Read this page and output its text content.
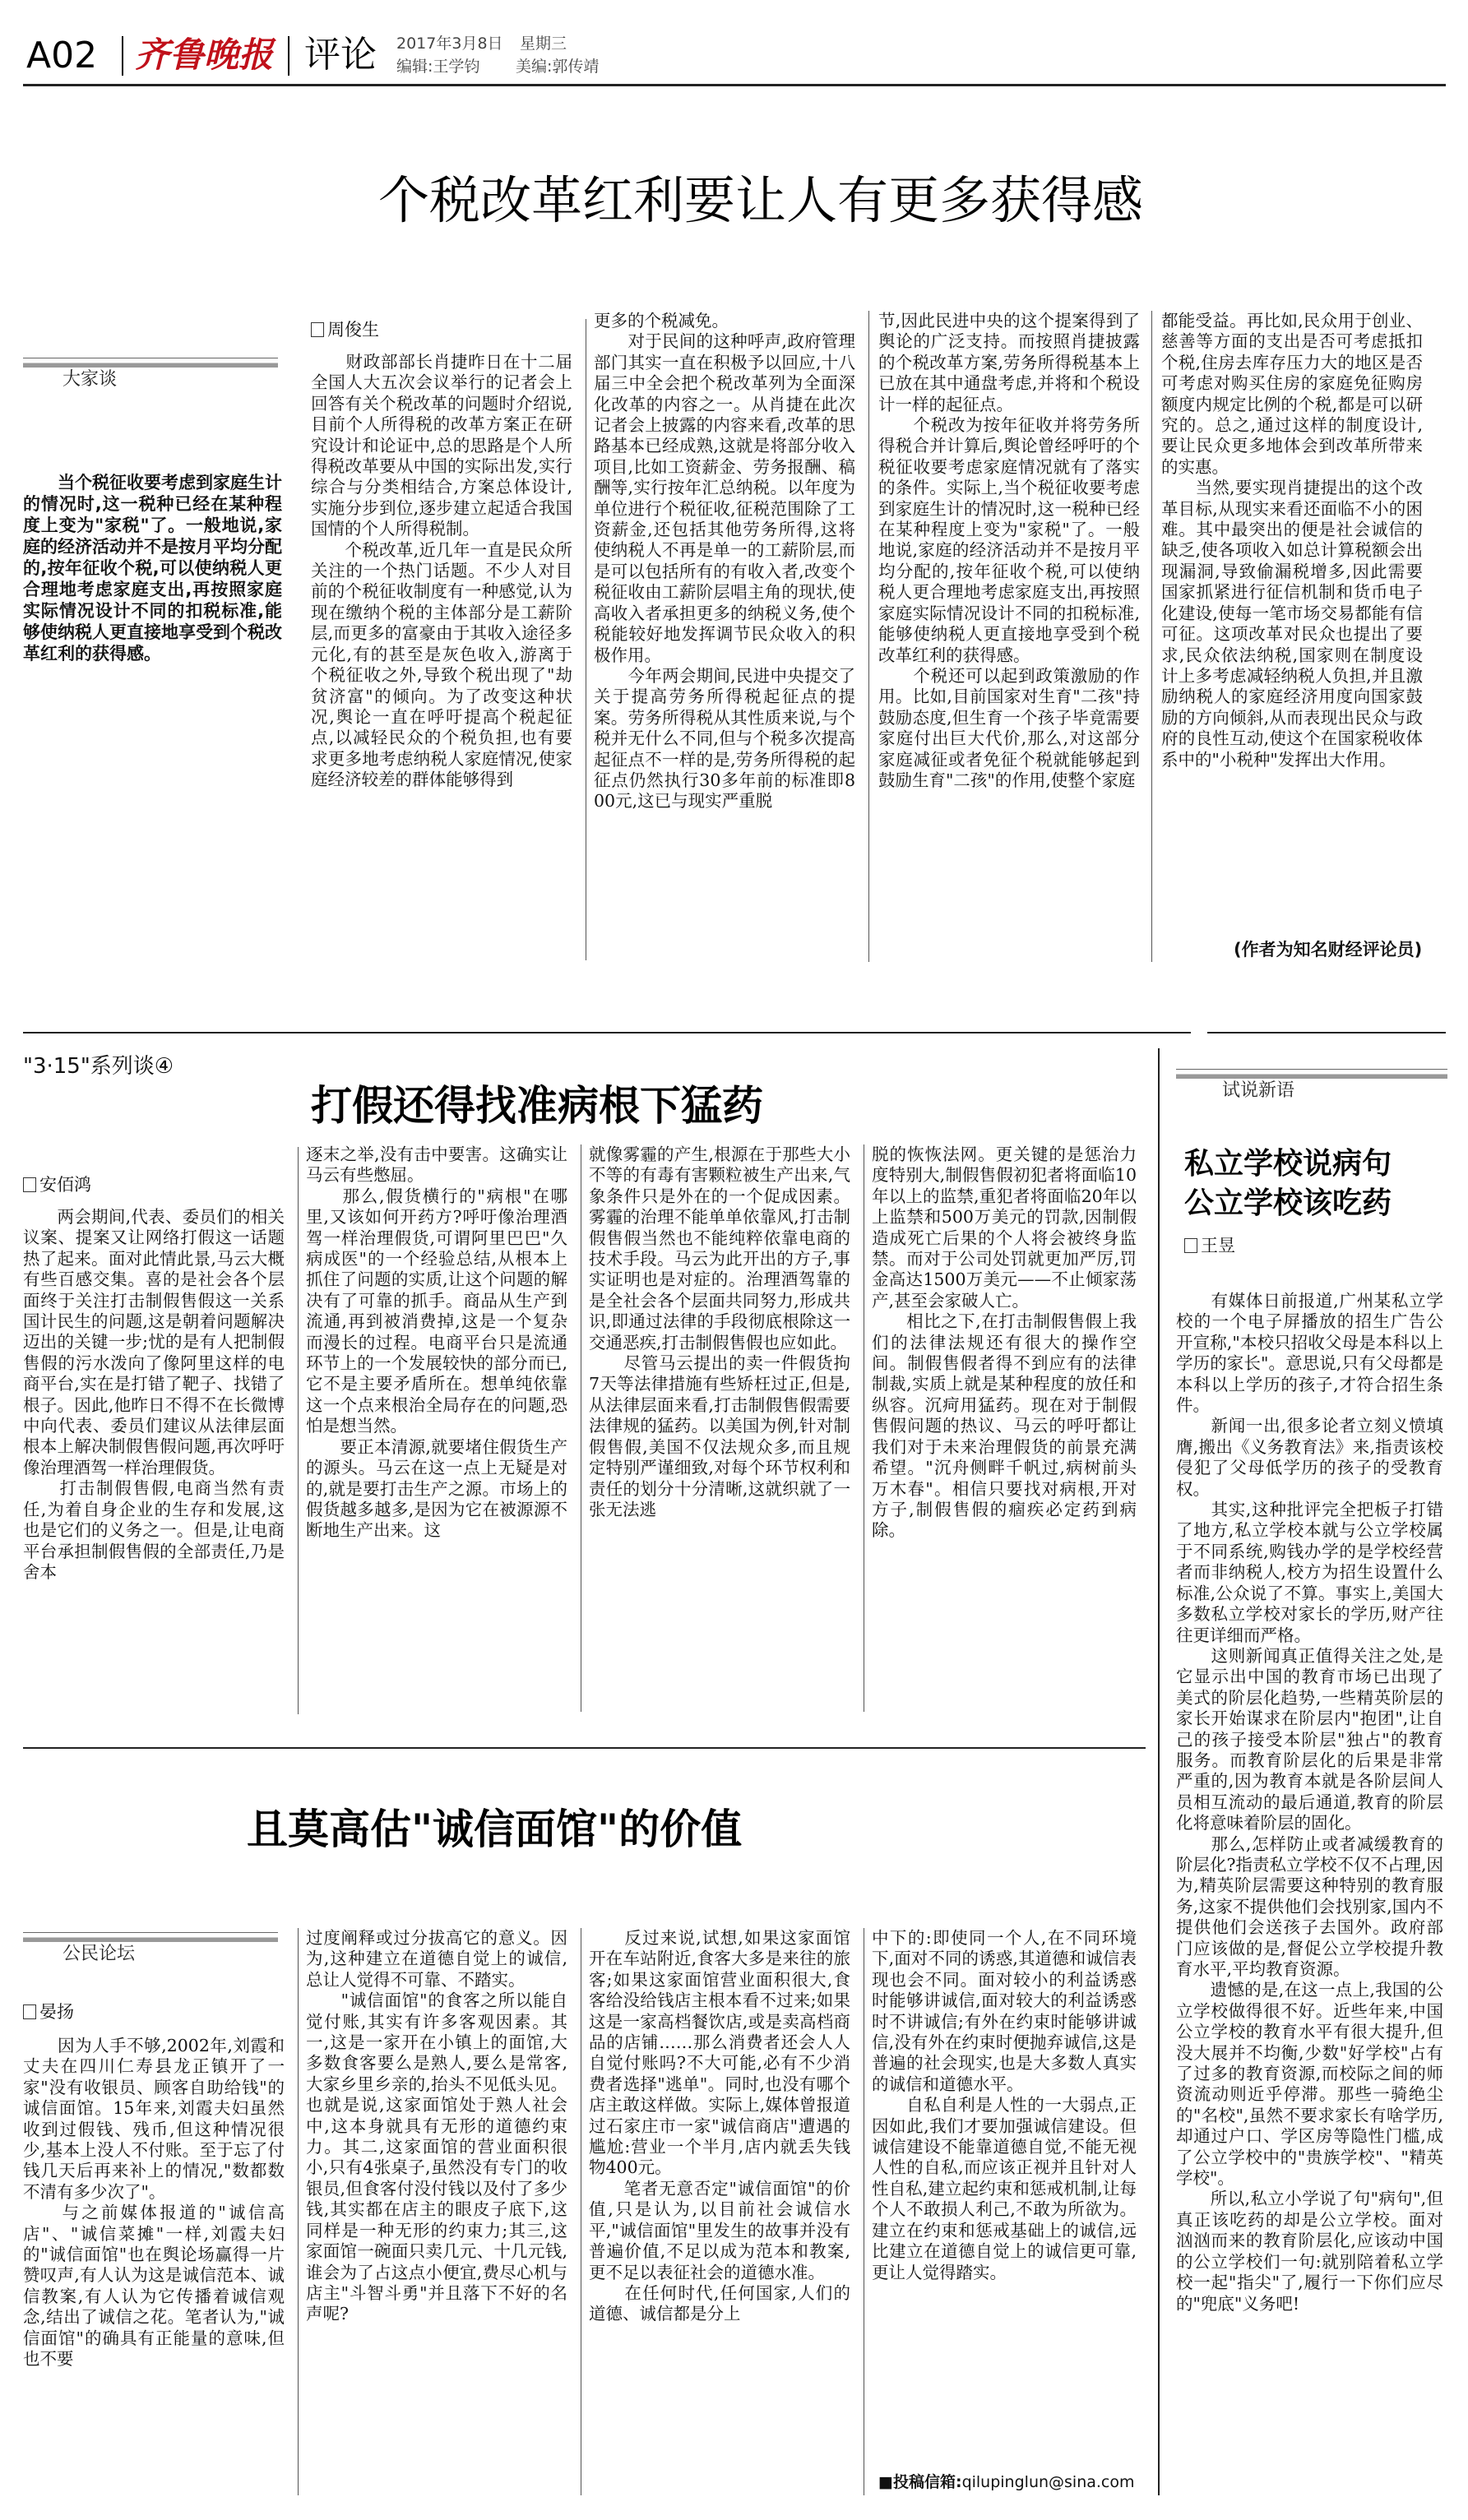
A02 齐鲁晚报 评论 2017年3月8日 星期三
编辑:王学钧 美编:郭传靖
个税改革红利要让人有更多获得感
大家谈
　　当个税征收要考虑到家庭生计的情况时,这一税种已经在某种程度上变为"家税"了。一般地说,家庭的经济活动并不是按月平均分配的,按年征收个税,可以使纳税人更合理地考虑家庭支出,再按照家庭实际情况设计不同的扣税标准,能够使纳税人更直接地享受到个税改革红利的获得感。
周俊生
　　财政部部长肖捷昨日在十二届全国人大五次会议举行的记者会上回答有关个税改革的问题时介绍说,目前个人所得税的改革方案正在研究设计和论证中,总的思路是个人所得税改革要从中国的实际出发,实行综合与分类相结合,方案总体设计,实施分步到位,逐步建立起适合我国国情的个人所得税制。
　　个税改革,近几年一直是民众所关注的一个热门话题。不少人对目前的个税征收制度有一种感觉,认为现在缴纳个税的主体部分是工薪阶层,而更多的富豪由于其收入途径多元化,有的甚至是灰色收入,游离于个税征收之外,导致个税出现了"劫贫济富"的倾向。为了改变这种状况,舆论一直在呼吁提高个税起征点,以减轻民众的个税负担,也有要求更多地考虑纳税人家庭情况,使家庭经济较差的群体能够得到
更多的个税减免。
　　对于民间的这种呼声,政府管理部门其实一直在积极予以回应,十八届三中全会把个税改革列为全面深化改革的内容之一。从肖捷在此次记者会上披露的内容来看,改革的思路基本已经成熟,这就是将部分收入项目,比如工资薪金、劳务报酬、稿酬等,实行按年汇总纳税。以年度为单位进行个税征收,征税范围除了工资薪金,还包括其他劳务所得,这将使纳税人不再是单一的工薪阶层,而是可以包括所有的有收入者,改变个税征收由工薪阶层唱主角的现状,使高收入者承担更多的纳税义务,使个税能较好地发挥调节民众收入的积极作用。
　　今年两会期间,民进中央提交了关于提高劳务所得税起征点的提案。劳务所得税从其性质来说,与个税并无什么不同,但与个税多次提高起征点不一样的是,劳务所得税的起征点仍然执行30多年前的标准即800元,这已与现实严重脱
节,因此民进中央的这个提案得到了舆论的广泛支持。而按照肖捷披露的个税改革方案,劳务所得税基本上已放在其中通盘考虑,并将和个税设计一样的起征点。
　　个税改为按年征收并将劳务所得税合并计算后,舆论曾经呼吁的个税征收要考虑家庭情况就有了落实的条件。实际上,当个税征收要考虑到家庭生计的情况时,这一税种已经在某种程度上变为"家税"了。一般地说,家庭的经济活动并不是按月平均分配的,按年征收个税,可以使纳税人更合理地考虑家庭支出,再按照家庭实际情况设计不同的扣税标准,能够使纳税人更直接地享受到个税改革红利的获得感。
　　个税还可以起到政策激励的作用。比如,目前国家对生育"二孩"持鼓励态度,但生育一个孩子毕竟需要家庭付出巨大代价,那么,对这部分家庭减征或者免征个税就能够起到鼓励生育"二孩"的作用,使整个家庭
都能受益。再比如,民众用于创业、慈善等方面的支出是否可考虑抵扣个税,住房去库存压力大的地区是否可考虑对购买住房的家庭免征购房额度内规定比例的个税,都是可以研究的。总之,通过这样的制度设计,要让民众更多地体会到改革所带来的实惠。
　　当然,要实现肖捷提出的这个改革目标,从现实来看还面临不小的困难。其中最突出的便是社会诚信的缺乏,使各项收入如总计算税额会出现漏洞,导致偷漏税增多,因此需要国家抓紧进行征信机制和货币电子化建设,使每一笔市场交易都能有信可征。这项改革对民众也提出了要求,民众依法纳税,国家则在制度设计上多考虑减轻纳税人负担,并且激励纳税人的家庭经济用度向国家鼓励的方向倾斜,从而表现出民众与政府的良性互动,使这个在国家税收体系中的"小税种"发挥出大作用。
(作者为知名财经评论员)
"3·15"系列谈④
打假还得找准病根下猛药
安佰鸿
　　两会期间,代表、委员们的相关议案、提案又让网络打假这一话题热了起来。面对此情此景,马云大概有些百感交集。喜的是社会各个层面终于关注打击制假售假这一关系国计民生的问题,这是朝着问题解决迈出的关键一步;忧的是有人把制假售假的污水泼向了像阿里这样的电商平台,实在是打错了靶子、找错了根子。因此,他昨日不得不在长微博中向代表、委员们建议从法律层面根本上解决制假售假问题,再次呼吁像治理酒驾一样治理假货。
　　打击制假售假,电商当然有责任,为着自身企业的生存和发展,这也是它们的义务之一。但是,让电商平台承担制假售假的全部责任,乃是舍本
逐末之举,没有击中要害。这确实让马云有些憋屈。
　　那么,假货横行的"病根"在哪里,又该如何开药方?呼吁像治理酒驾一样治理假货,可谓阿里巴巴"久病成医"的一个经验总结,从根本上抓住了问题的实质,让这个问题的解决有了可靠的抓手。商品从生产到流通,再到被消费掉,这是一个复杂而漫长的过程。电商平台只是流通环节上的一个发展较快的部分而已,它不是主要矛盾所在。想单纯依靠这一个点来根治全局存在的问题,恐怕是想当然。
　　要正本清源,就要堵住假货生产的源头。马云在这一点上无疑是对的,就是要打击生产之源。市场上的假货越多越多,是因为它在被源源不断地生产出来。这
就像雾霾的产生,根源在于那些大小不等的有毒有害颗粒被生产出来,气象条件只是外在的一个促成因素。雾霾的治理不能单单依靠风,打击制假售假当然也不能纯粹依靠电商的技术手段。马云为此开出的方子,事实证明也是对症的。治理酒驾靠的是全社会各个层面共同努力,形成共识,即通过法律的手段彻底根除这一交通恶疾,打击制假售假也应如此。
　　尽管马云提出的卖一件假货拘7天等法律措施有些矫枉过正,但是,从法律层面来看,打击制假售假需要法律规的猛药。以美国为例,针对制假售假,美国不仅法规众多,而且规定特别严谨细致,对每个环节权利和责任的划分十分清晰,这就织就了一张无法逃
脱的恢恢法网。更关键的是惩治力度特别大,制假售假初犯者将面临10年以上的监禁,重犯者将面临20年以上监禁和500万美元的罚款,因制假造成死亡后果的个人将会被终身监禁。而对于公司处罚就更加严厉,罚金高达1500万美元——不止倾家荡产,甚至会家破人亡。
　　相比之下,在打击制假售假上我们的法律法规还有很大的操作空间。制假售假者得不到应有的法律制裁,实质上就是某种程度的放任和纵容。沉疴用猛药。现在对于制假售假问题的热议、马云的呼吁都让我们对于未来治理假货的前景充满希望。"沉舟侧畔千帆过,病树前头万木春"。相信只要找对病根,开对方子,制假售假的痼疾必定药到病除。
试说新语
私立学校说病句 公立学校该吃药
王昱
　　有媒体日前报道,广州某私立学校的一个电子屏播放的招生广告公开宣称,"本校只招收父母是本科以上学历的家长"。意思说,只有父母都是本科以上学历的孩子,才符合招生条件。
　　新闻一出,很多论者立刻义愤填膺,搬出《义务教育法》来,指责该校侵犯了父母低学历的孩子的受教育权。
　　其实,这种批评完全把板子打错了地方,私立学校本就与公立学校属于不同系统,购钱办学的是学校经营者而非纳税人,校方为招生设置什么标准,公众说了不算。事实上,美国大多数私立学校对家长的学历,财产往往更详细而严格。
　　这则新闻真正值得关注之处,是它显示出中国的教育市场已出现了美式的阶层化趋势,一些精英阶层的家长开始谋求在阶层内"抱团",让自己的孩子接受本阶层"独占"的教育服务。而教育阶层化的后果是非常严重的,因为教育本就是各阶层间人员相互流动的最后通道,教育的阶层化将意味着阶层的固化。
　　那么,怎样防止或者减缓教育的阶层化?指责私立学校不仅不占理,因为,精英阶层需要这种特别的教育服务,这家不提供他们会找别家,国内不提供他们会送孩子去国外。政府部门应该做的是,督促公立学校提升教育水平,平均教育资源。
　　遗憾的是,在这一点上,我国的公立学校做得很不好。近些年来,中国公立学校的教育水平有很大提升,但没大展并不均衡,少数"好学校"占有了过多的教育资源,而校际之间的师资流动则近乎停滞。那些一骑绝尘的"名校",虽然不要求家长有啥学历,却通过户口、学区房等隐性门槛,成了公立学校中的"贵族学校"、"精英学校"。
　　所以,私立小学说了句"病句",但真正该吃药的却是公立学校。面对汹汹而来的教育阶层化,应该动中国的公立学校们一句:就别陪着私立学校一起"指尖"了,履行一下你们应尽的"兜底"义务吧!
且莫高估"诚信面馆"的价值
公民论坛
晏扬
　　因为人手不够,2002年,刘霞和丈夫在四川仁寿县龙正镇开了一家"没有收银员、顾客自助给钱"的诚信面馆。15年来,刘霞夫妇虽然收到过假钱、残币,但这种情况很少,基本上没人不付账。至于忘了付钱几天后再来补上的情况,"数都数不清有多少次了"。
　　与之前媒体报道的"诚信高店"、"诚信菜摊"一样,刘霞夫妇的"诚信面馆"也在舆论场赢得一片赞叹声,有人认为这是诚信范本、诚信教案,有人认为它传播着诚信观念,结出了诚信之花。笔者认为,"诚信面馆"的确具有正能量的意味,但也不要
过度阐释或过分拔高它的意义。因为,这种建立在道德自觉上的诚信,总让人觉得不可靠、不踏实。
　　"诚信面馆"的食客之所以能自觉付账,其实有许多客观因素。其一,这是一家开在小镇上的面馆,大多数食客要么是熟人,要么是常客,大家乡里乡亲的,抬头不见低头见。也就是说,这家面馆处于熟人社会中,这本身就具有无形的道德约束力。其二,这家面馆的营业面积很小,只有4张桌子,虽然没有专门的收银员,但食客付没付钱以及付了多少钱,其实都在店主的眼皮子底下,这同样是一种无形的约束力;其三,这家面馆一碗面只卖几元、十几元钱,谁会为了占这点小便宜,费尽心机与店主"斗智斗勇"并且落下不好的名声呢?
　　反过来说,试想,如果这家面馆开在车站附近,食客大多是来往的旅客;如果这家面馆营业面积很大,食客给没给钱店主根本看不过来;如果这是一家高档餐饮店,或是卖高档商品的店铺……那么消费者还会人人自觉付账吗?不大可能,必有不少消费者选择"逃单"。同时,也没有哪个店主敢这样做。实际上,媒体曾报道过石家庄市一家"诚信商店"遭遇的尴尬:营业一个半月,店内就丢失钱物400元。
　　笔者无意否定"诚信面馆"的价值,只是认为,以目前社会诚信水平,"诚信面馆"里发生的故事并没有普遍价值,不足以成为范本和教案,更不足以表征社会的道德水准。
　　在任何时代,任何国家,人们的道德、诚信都是分上
中下的:即使同一个人,在不同环境下,面对不同的诱惑,其道德和诚信表现也会不同。面对较小的利益诱惑时能够讲诚信,面对较大的利益诱惑时不讲诚信;有外在约束时能够讲诚信,没有外在约束时便抛弃诚信,这是普遍的社会现实,也是大多数人真实的诚信和道德水平。
　　自私自利是人性的一大弱点,正因如此,我们才要加强诚信建设。但诚信建设不能靠道德自觉,不能无视人性的自私,而应该正视并且针对人性自私,建立起约束和惩戒机制,让每个人不敢损人利己,不敢为所欲为。建立在约束和惩戒基础上的诚信,远比建立在道德自觉上的诚信更可靠,更让人觉得踏实。
■投稿信箱:qilupinglun@sina.com
